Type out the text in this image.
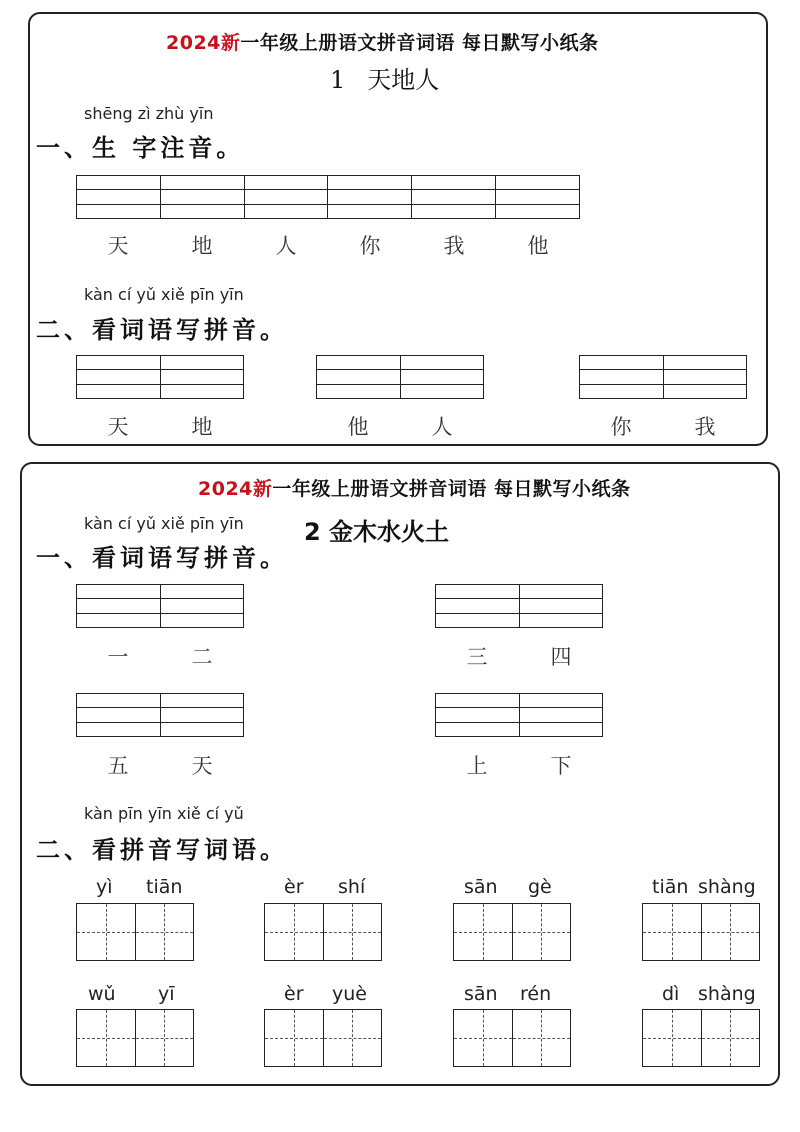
2024新一年级上册语文拼音词语 每日默写小纸条
1 天地人
shēng zì zhù yīn
一、生 字注音。
天	地	人	你	我	他
kàn cí yǔ xiě pīn yīn
二、看词语写拼音。
天	地	他	人	你	我
2024新一年级上册语文拼音词语 每日默写小纸条
kàn cí yǔ xiě pīn yīn	2 金木水火土
一、看词语写拼音。
一	二	三	四
五	天	上	下
kàn pīn yīn xiě cí yǔ
二、看拼音写词语。
yì tiān	èr shí	sān gè	tiān shàng
wǔ yī	èr yuè	sān rén	dì shàng
